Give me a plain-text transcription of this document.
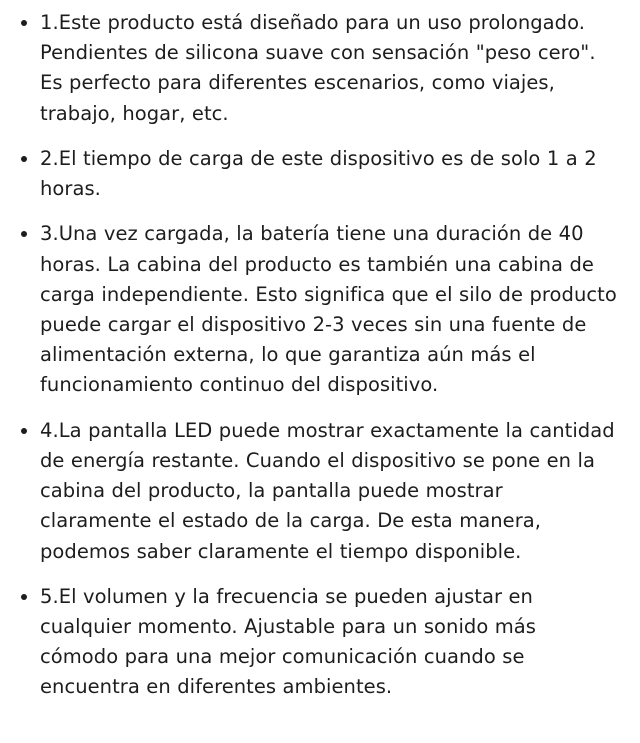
1.Este producto está diseñado para un uso prolongado. Pendientes de silicona suave con sensación "peso cero". Es perfecto para diferentes escenarios, como viajes, trabajo, hogar, etc.
2.El tiempo de carga de este dispositivo es de solo 1 a 2 horas.
3.Una vez cargada, la batería tiene una duración de 40 horas. La cabina del producto es también una cabina de carga independiente. Esto significa que el silo de producto puede cargar el dispositivo 2-3 veces sin una fuente de alimentación externa, lo que garantiza aún más el funcionamiento continuo del dispositivo.
4.La pantalla LED puede mostrar exactamente la cantidad de energía restante. Cuando el dispositivo se pone en la cabina del producto, la pantalla puede mostrar claramente el estado de la carga. De esta manera, podemos saber claramente el tiempo disponible.
5.El volumen y la frecuencia se pueden ajustar en cualquier momento. Ajustable para un sonido más cómodo para una mejor comunicación cuando se encuentra en diferentes ambientes.
